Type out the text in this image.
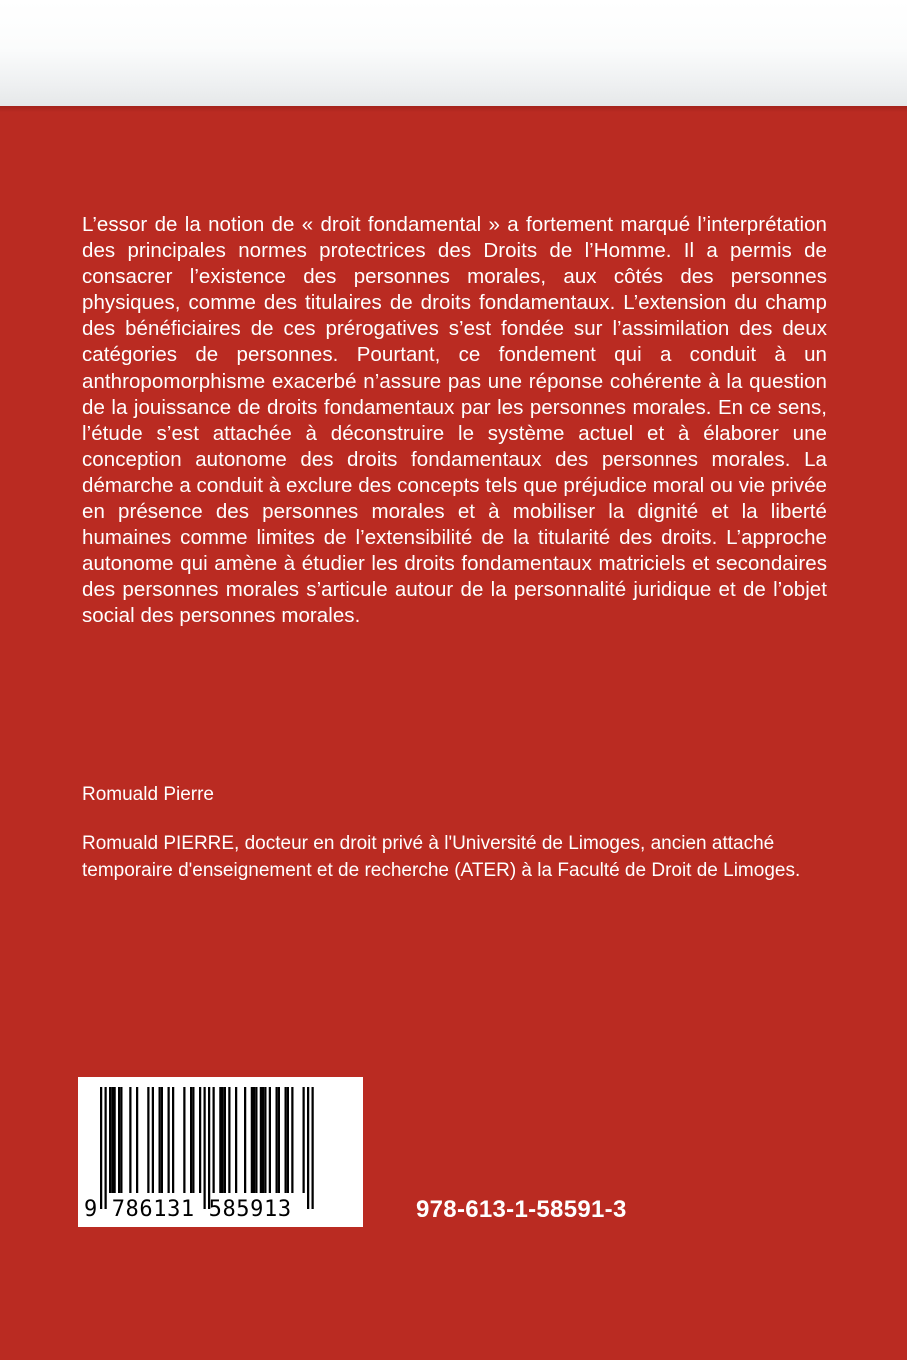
L’essor de la notion de « droit fondamental » a fortement marqué l’interprétation des principales normes protectrices des Droits de l’Homme. Il a permis de consacrer l’existence des personnes morales, aux côtés des personnes physiques, comme des titulaires de droits fondamentaux. L’extension du champ des bénéficiaires de ces prérogatives s’est fondée sur l’assimilation des deux catégories de personnes. Pourtant, ce fondement qui a conduit à un anthropomorphisme exacerbé n’assure pas une réponse cohérente à la question de la jouissance de droits fondamentaux par les personnes morales. En ce sens, l’étude s’est attachée à déconstruire le système actuel et à élaborer une conception autonome des droits fondamentaux des personnes morales. La démarche a conduit à exclure des concepts tels que préjudice moral ou vie privée en présence des personnes morales et à mobiliser la dignité et la liberté humaines comme limites de l’extensibilité de la titularité des droits. L’approche autonome qui amène à étudier les droits fondamentaux matriciels et secondaires des personnes morales s’articule autour de la personnalité juridique et de l’objet social des personnes morales.

Romuald Pierre

Romuald PIERRE, docteur en droit privé à l'Université de Limoges, ancien attaché temporaire d'enseignement et de recherche (ATER) à la Faculté de Droit de Limoges.

9 786131 585913	978-613-1-58591-3
